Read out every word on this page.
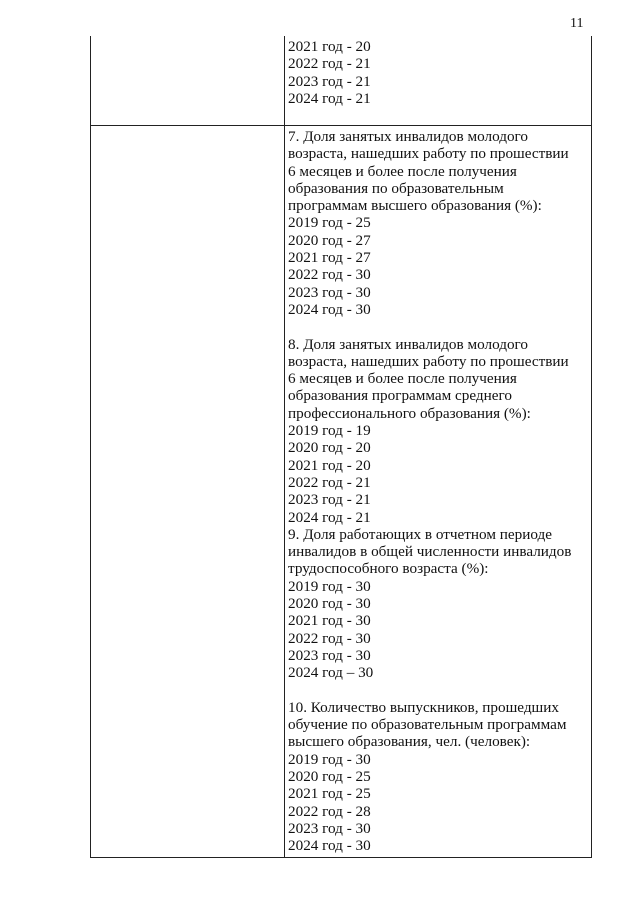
11
2021 год - 20
2022 год - 21
2023 год - 21
2024 год - 21
7. Доля занятых инвалидов молодого
возраста, нашедших работу по прошествии
6 месяцев и более после получения
образования по образовательным
программам высшего образования (%):
2019 год - 25
2020 год - 27
2021 год - 27
2022 год - 30
2023 год - 30
2024 год - 30
8. Доля занятых инвалидов молодого
возраста, нашедших работу по прошествии
6 месяцев и более после получения
образования программам среднего
профессионального образования (%):
2019 год - 19
2020 год - 20
2021 год - 20
2022 год - 21
2023 год - 21
2024 год - 21
9. Доля работающих в отчетном периоде
инвалидов в общей численности инвалидов
трудоспособного возраста (%):
2019 год - 30
2020 год - 30
2021 год - 30
2022 год - 30
2023 год - 30
2024 год – 30
10. Количество выпускников, прошедших
обучение по образовательным программам
высшего образования, чел. (человек):
2019 год - 30
2020 год - 25
2021 год - 25
2022 год - 28
2023 год - 30
2024 год - 30
